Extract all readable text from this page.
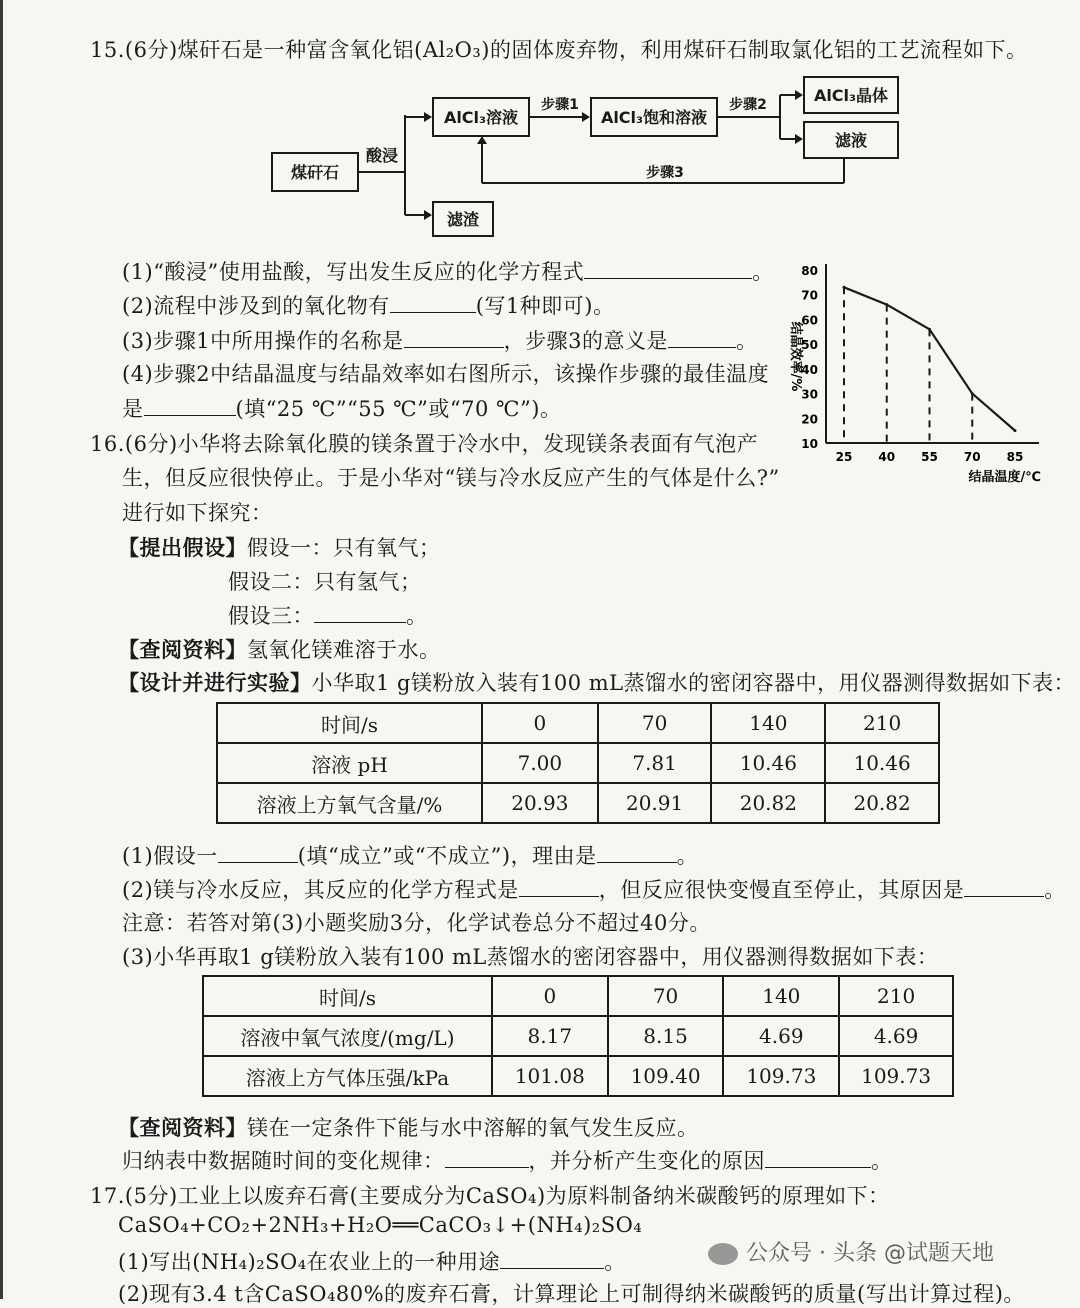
15.(6分)煤矸石是一种富含氧化铝(Al₂O₃)的固体废弃物，利用煤矸石制取氯化铝的工艺流程如下。
煤矸石
酸浸
AlCl₃溶液
滤渣
步骤1
AlCl₃饱和溶液
步骤2	AlCl₃晶体
滤液
步骤3
(1)“酸浸”使用盐酸，写出发生反应的化学方程式	。
(2)流程中涉及到的氧化物有	(写1种即可)。
(3)步骤1中所用操作的名称是	，步骤3的意义是	。
(4)步骤2中结晶温度与结晶效率如右图所示，该操作步骤的最佳温度
是	(填“25 ℃”“55 ℃”或“70 ℃”)。
10
20
30
40
50
60
70
80
25 40 55 70 85
结晶效率/%
结晶温度/℃
16.(6分)小华将去除氧化膜的镁条置于冷水中，发现镁条表面有气泡产
生，但反应很快停止。于是小华对“镁与冷水反应产生的气体是什么?”
进行如下探究：
【提出假设】假设一：只有氧气；
假设二：只有氢气；
假设三：	。
【查阅资料】氢氧化镁难溶于水。
【设计并进行实验】小华取1 g镁粉放入装有100 mL蒸馏水的密闭容器中，用仪器测得数据如下表：
时间/s	0	70	140	210
溶液 pH	7.00	7.81	10.46	10.46
溶液上方氧气含量/%	20.93	20.91	20.82	20.82
(1)假设一	(填“成立”或“不成立”)，理由是	。
(2)镁与冷水反应，其反应的化学方程式是	，但反应很快变慢直至停止，其原因是	。
注意：若答对第(3)小题奖励3分，化学试卷总分不超过40分。
(3)小华再取1 g镁粉放入装有100 mL蒸馏水的密闭容器中，用仪器测得数据如下表：
时间/s	0	70	140	210
溶液中氧气浓度/(mg/L)	8.17	8.15	4.69	4.69
溶液上方气体压强/kPa	101.08	109.40	109.73	109.73
【查阅资料】镁在一定条件下能与水中溶解的氧气发生反应。
归纳表中数据随时间的变化规律：	，并分析产生变化的原因	。
17.(5分)工业上以废弃石膏(主要成分为CaSO₄)为原料制备纳米碳酸钙的原理如下：
CaSO₄+CO₂+2NH₃+H₂O══CaCO₃↓+(NH₄)₂SO₄
(1)写出(NH₄)₂SO₄在农业上的一种用途	。
(2)现有3.4 t含CaSO₄80%的废弃石膏，计算理论上可制得纳米碳酸钙的质量(写出计算过程)。
公众号 · 头条 @试题天地
